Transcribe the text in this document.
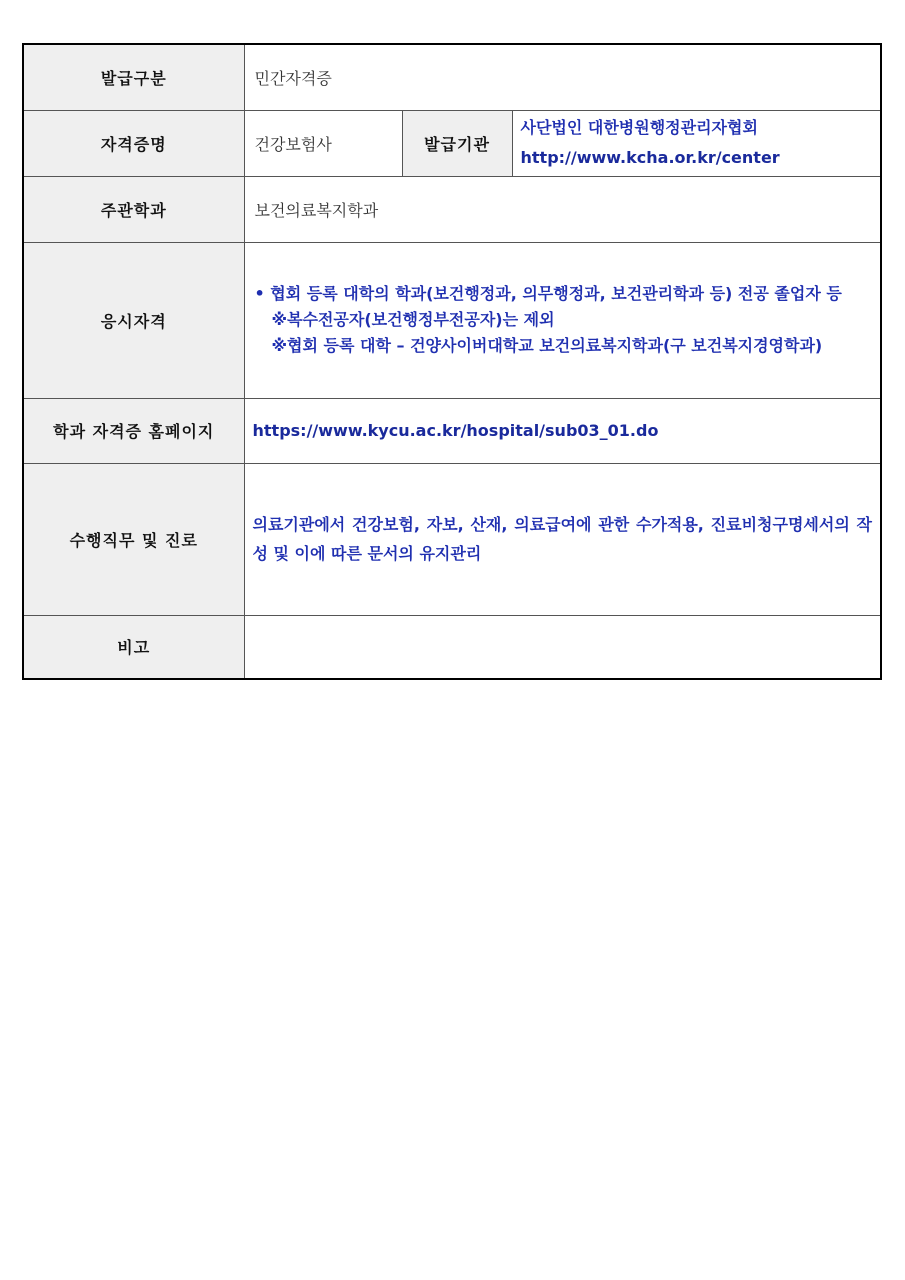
발급구분	민간자격증		
자격증명	건강보험사	발급기관	사단법인 대한병원행정관리자협회
http://www.kcha.or.kr/center

주관학과	보건의료복지학과		
응시자격	• 협회 등록 대학의 학과(보건행정과, 의무행정과, 보건관리학과 등) 전공 졸업자 등
※복수전공자(보건행정부전공자)는 제외
※협회 등록 대학 – 건양사이버대학교 보건의료복지학과(구 보건복지경영학과)		

학과 자격증 홈페이지	https://www.kycu.ac.kr/hospital/sub03_01.do		
수행직무 및 진로	의료기관에서 건강보험, 자보, 산재, 의료급여에 관한 수가적용, 진료비청구명세서의 작성 및 이에 따른 문서의 유지관리		
비고			
